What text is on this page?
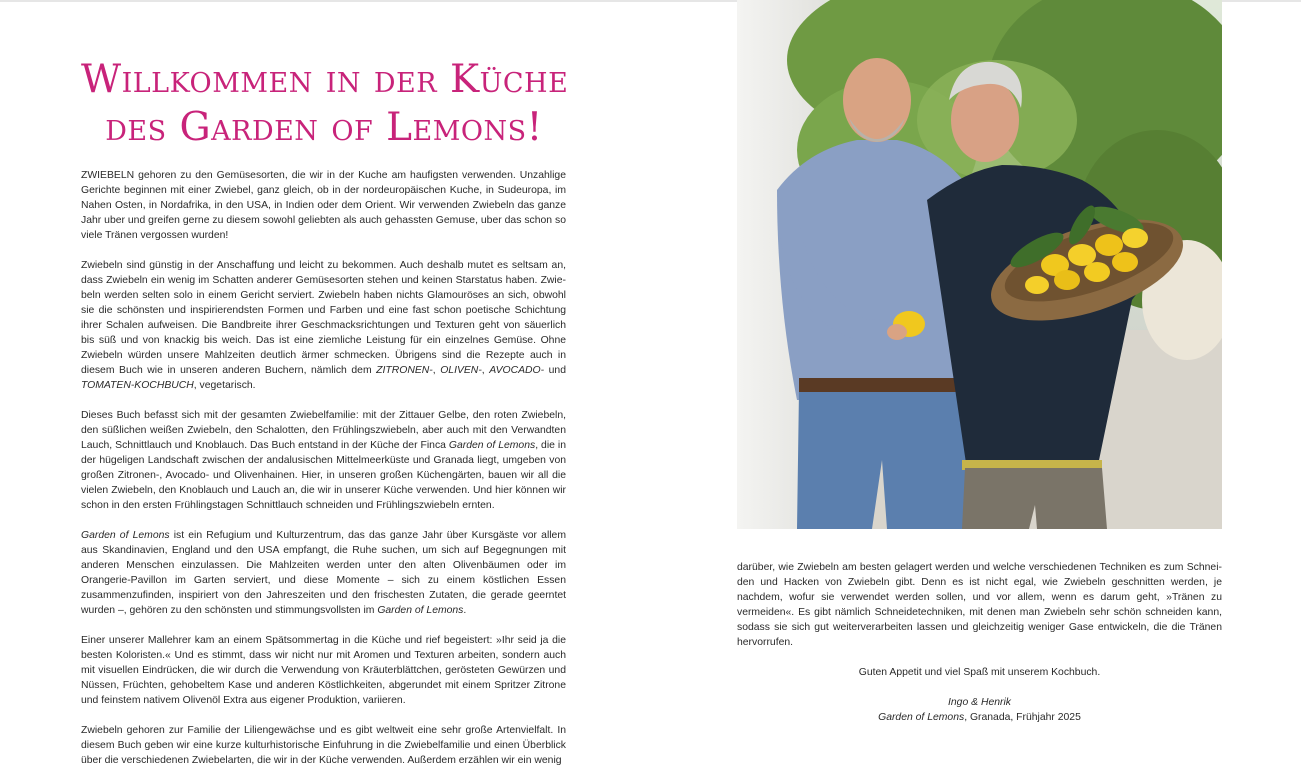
Willkommen in der Küche
des Garden of Lemons!

ZWIEBELN gehoren zu den Gemüsesorten, die wir in der Kuche am haufigsten verwenden. Unzahlige Gerichte beginnen mit einer Zwiebel, ganz gleich, ob in der nordeuropäischen Kuche, in Sudeuropa, im Nahen Osten, in Nordafrika, in den USA, in Indien oder dem Orient. Wir verwenden Zwiebeln das ganze Jahr uber und greifen gerne zu diesem sowohl geliebten als auch gehassten Gemuse, uber das schon so viele Tränen vergossen wurden!

Zwiebeln sind günstig in der Anschaffung und leicht zu bekommen. Auch deshalb mutet es seltsam an, dass Zwiebeln ein wenig im Schatten anderer Gemüsesorten stehen und keinen Starstatus haben. Zwiebeln werden selten solo in einem Gericht serviert. Zwiebeln haben nichts Glamouröses an sich, obwohl sie die schönsten und inspirierendsten Formen und Farben und eine fast schon poetische Schichtung ihrer Schalen aufweisen. Die Bandbreite ihrer Geschmacksrichtungen und Texturen geht von säuerlich bis süß und von knackig bis weich. Das ist eine ziemliche Leistung für ein einzelnes Gemüse. Ohne Zwiebeln würden unsere Mahlzeiten deutlich ärmer schmecken. Übrigens sind die Rezepte auch in diesem Buch wie in unseren anderen Buchern, nämlich dem ZITRONEN-, OLIVEN-, AVOCADO- und TOMATEN-KOCHBUCH, vegetarisch.

Dieses Buch befasst sich mit der gesamten Zwiebelfamilie: mit der Zittauer Gelbe, den roten Zwiebeln, den süßlichen weißen Zwiebeln, den Schalotten, den Frühlingszwiebeln, aber auch mit den Verwandten Lauch, Schnittlauch und Knoblauch. Das Buch entstand in der Küche der Finca Garden of Lemons, die in der hügeligen Landschaft zwischen der andalusischen Mittelmeerküste und Granada liegt, umgeben von großen Zitronen-, Avocado- und Olivenhainen. Hier, in unseren großen Küchengärten, bauen wir all die vielen Zwiebeln, den Knoblauch und Lauch an, die wir in unserer Küche verwenden. Und hier können wir schon in den ersten Frühlingstagen Schnittlauch schneiden und Frühlingszwiebeln ernten.

Garden of Lemons ist ein Refugium und Kulturzentrum, das das ganze Jahr über Kursgäste vor allem aus Skandinavien, England und den USA empfangt, die Ruhe suchen, um sich auf Begegnungen mit anderen Menschen einzulassen. Die Mahlzeiten werden unter den alten Olivenbäumen oder im Orangerie-Pavillon im Garten serviert, und diese Momente – sich zu einem köstlichen Essen zusammenzufinden, inspiriert von den Jahreszeiten und den frischesten Zutaten, die gerade geerntet wurden –, gehören zu den schönsten und stimmungsvollsten im Garden of Lemons.

Einer unserer Mallehrer kam an einem Spätsommertag in die Küche und rief begeistert: »Ihr seid ja die besten Koloristen.« Und es stimmt, dass wir nicht nur mit Aromen und Texturen arbeiten, sondern auch mit visuellen Eindrücken, die wir durch die Verwendung von Kräuterblättchen, gerösteten Gewürzen und Nüssen, Früchten, gehobeltem Kase und anderen Köstlichkeiten, abgerundet mit einem Spritzer Zitrone und feinstem nativem Olivenöl Extra aus eigener Produktion, variieren.

Zwiebeln gehoren zur Familie der Liliengewächse und es gibt weltweit eine sehr große Artenvielfalt. In diesem Buch geben wir eine kurze kulturhistorische Einfuhrung in die Zwiebelfamilie und einen Überblick über die verschiedenen Zwiebelarten, die wir in der Küche verwenden. Außerdem erzählen wir ein wenig

darüber, wie Zwiebeln am besten gelagert werden und welche verschiedenen Techniken es zum Schneiden und Hacken von Zwiebeln gibt. Denn es ist nicht egal, wie Zwiebeln geschnitten werden, je nachdem, wofur sie verwendet werden sollen, und vor allem, wenn es darum geht, »Tränen zu vermeiden«. Es gibt nämlich Schneidetechniken, mit denen man Zwiebeln sehr schön schneiden kann, sodass sie sich gut weiterverarbeiten lassen und gleichzeitig weniger Gase entwickeln, die die Tränen hervorrufen.

Guten Appetit und viel Spaß mit unserem Kochbuch.
Ingo & Henrik
Garden of Lemons, Granada, Frühjahr 2025
